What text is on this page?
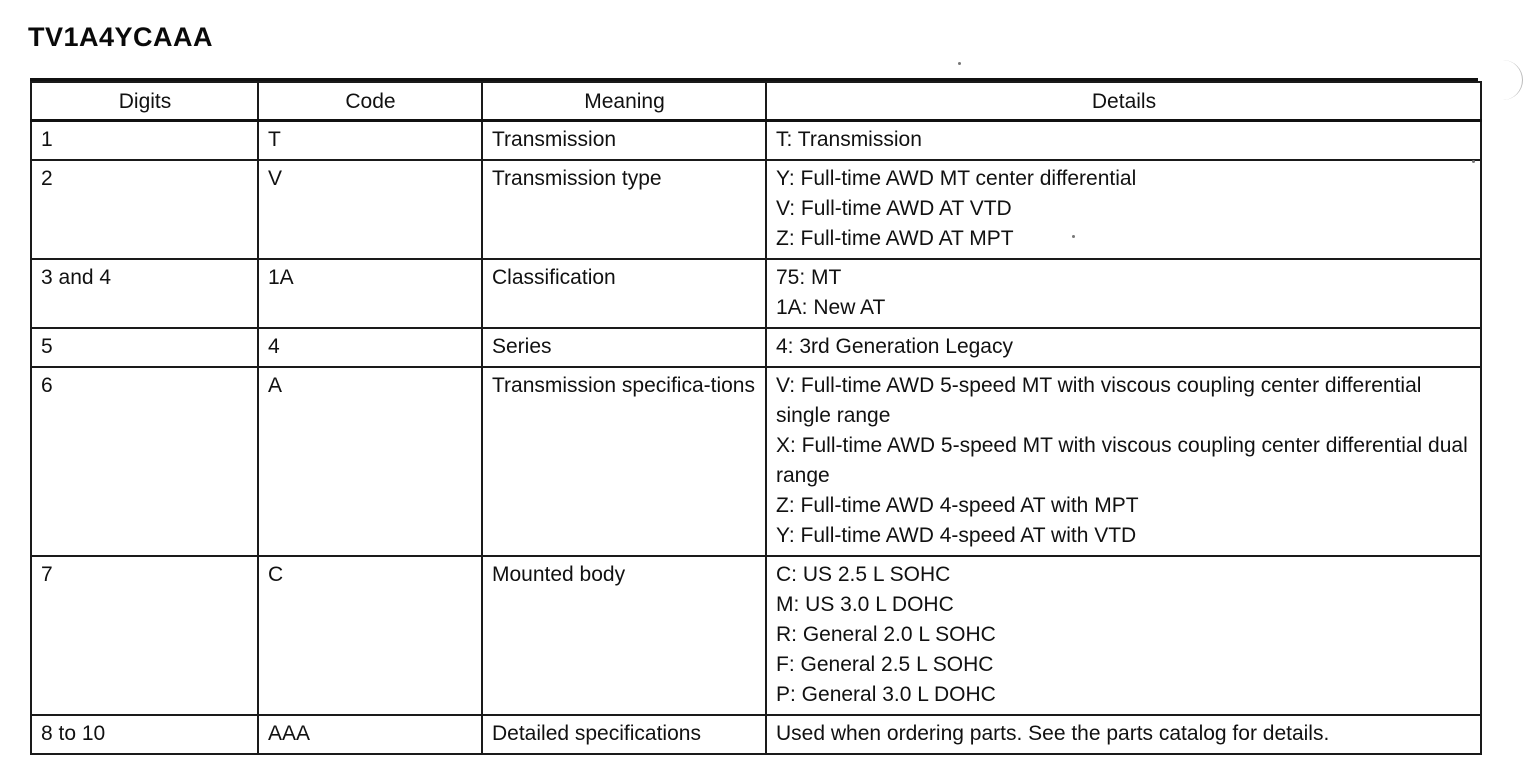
TV1A4YCAAA
Digits	Code	Meaning	Details
1	T	Transmission	T: Transmission

2	V	Transmission type	Y: Full-time AWD MT center differential
V: Full-time AWD AT VTD
Z: Full-time AWD AT MPT

3 and 4	1A	Classification	75: MT
1A: New AT

5	4	Series	4: 3rd Generation Legacy

6	A	Transmission specifica-tions	V: Full-time AWD 5-speed MT with viscous coupling center differential single range
X: Full-time AWD 5-speed MT with viscous coupling center differential dual range
Z: Full-time AWD 4-speed AT with MPT
Y: Full-time AWD 4-speed AT with VTD

7	C	Mounted body	C: US 2.5 L SOHC
M: US 3.0 L DOHC
R: General 2.0 L SOHC
F: General 2.5 L SOHC
P: General 3.0 L DOHC

8 to 10	AAA	Detailed specifications	Used when ordering parts. See the parts catalog for details.
